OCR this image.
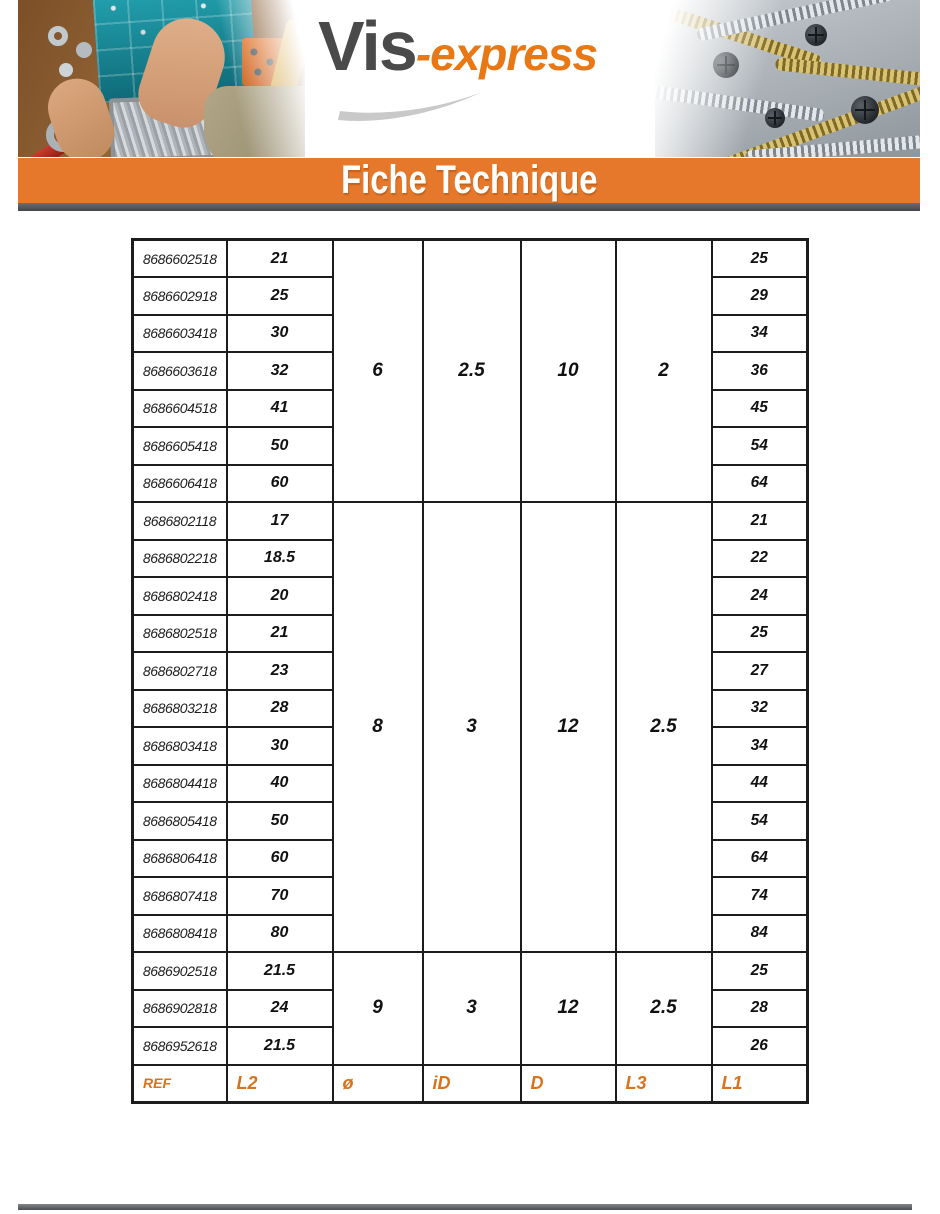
Vis-express
Fiche Technique
8686602518	21	6	2.5	10	2	25
8686602918	25					29
8686603418	30					34
8686603618	32					36
8686604518	41					45
8686605418	50					54
8686606418	60					64
8686802118	17	8	3	12	2.5	21
8686802218	18.5					22
8686802418	20					24
8686802518	21					25
8686802718	23					27
8686803218	28					32
8686803418	30					34
8686804418	40					44
8686805418	50					54
8686806418	60					64
8686807418	70					74
8686808418	80					84
8686902518	21.5	9	3	12	2.5	25
8686902818	24					28
8686952618	21.5					26
REF	L2	ø	iD	D	L3	L1
